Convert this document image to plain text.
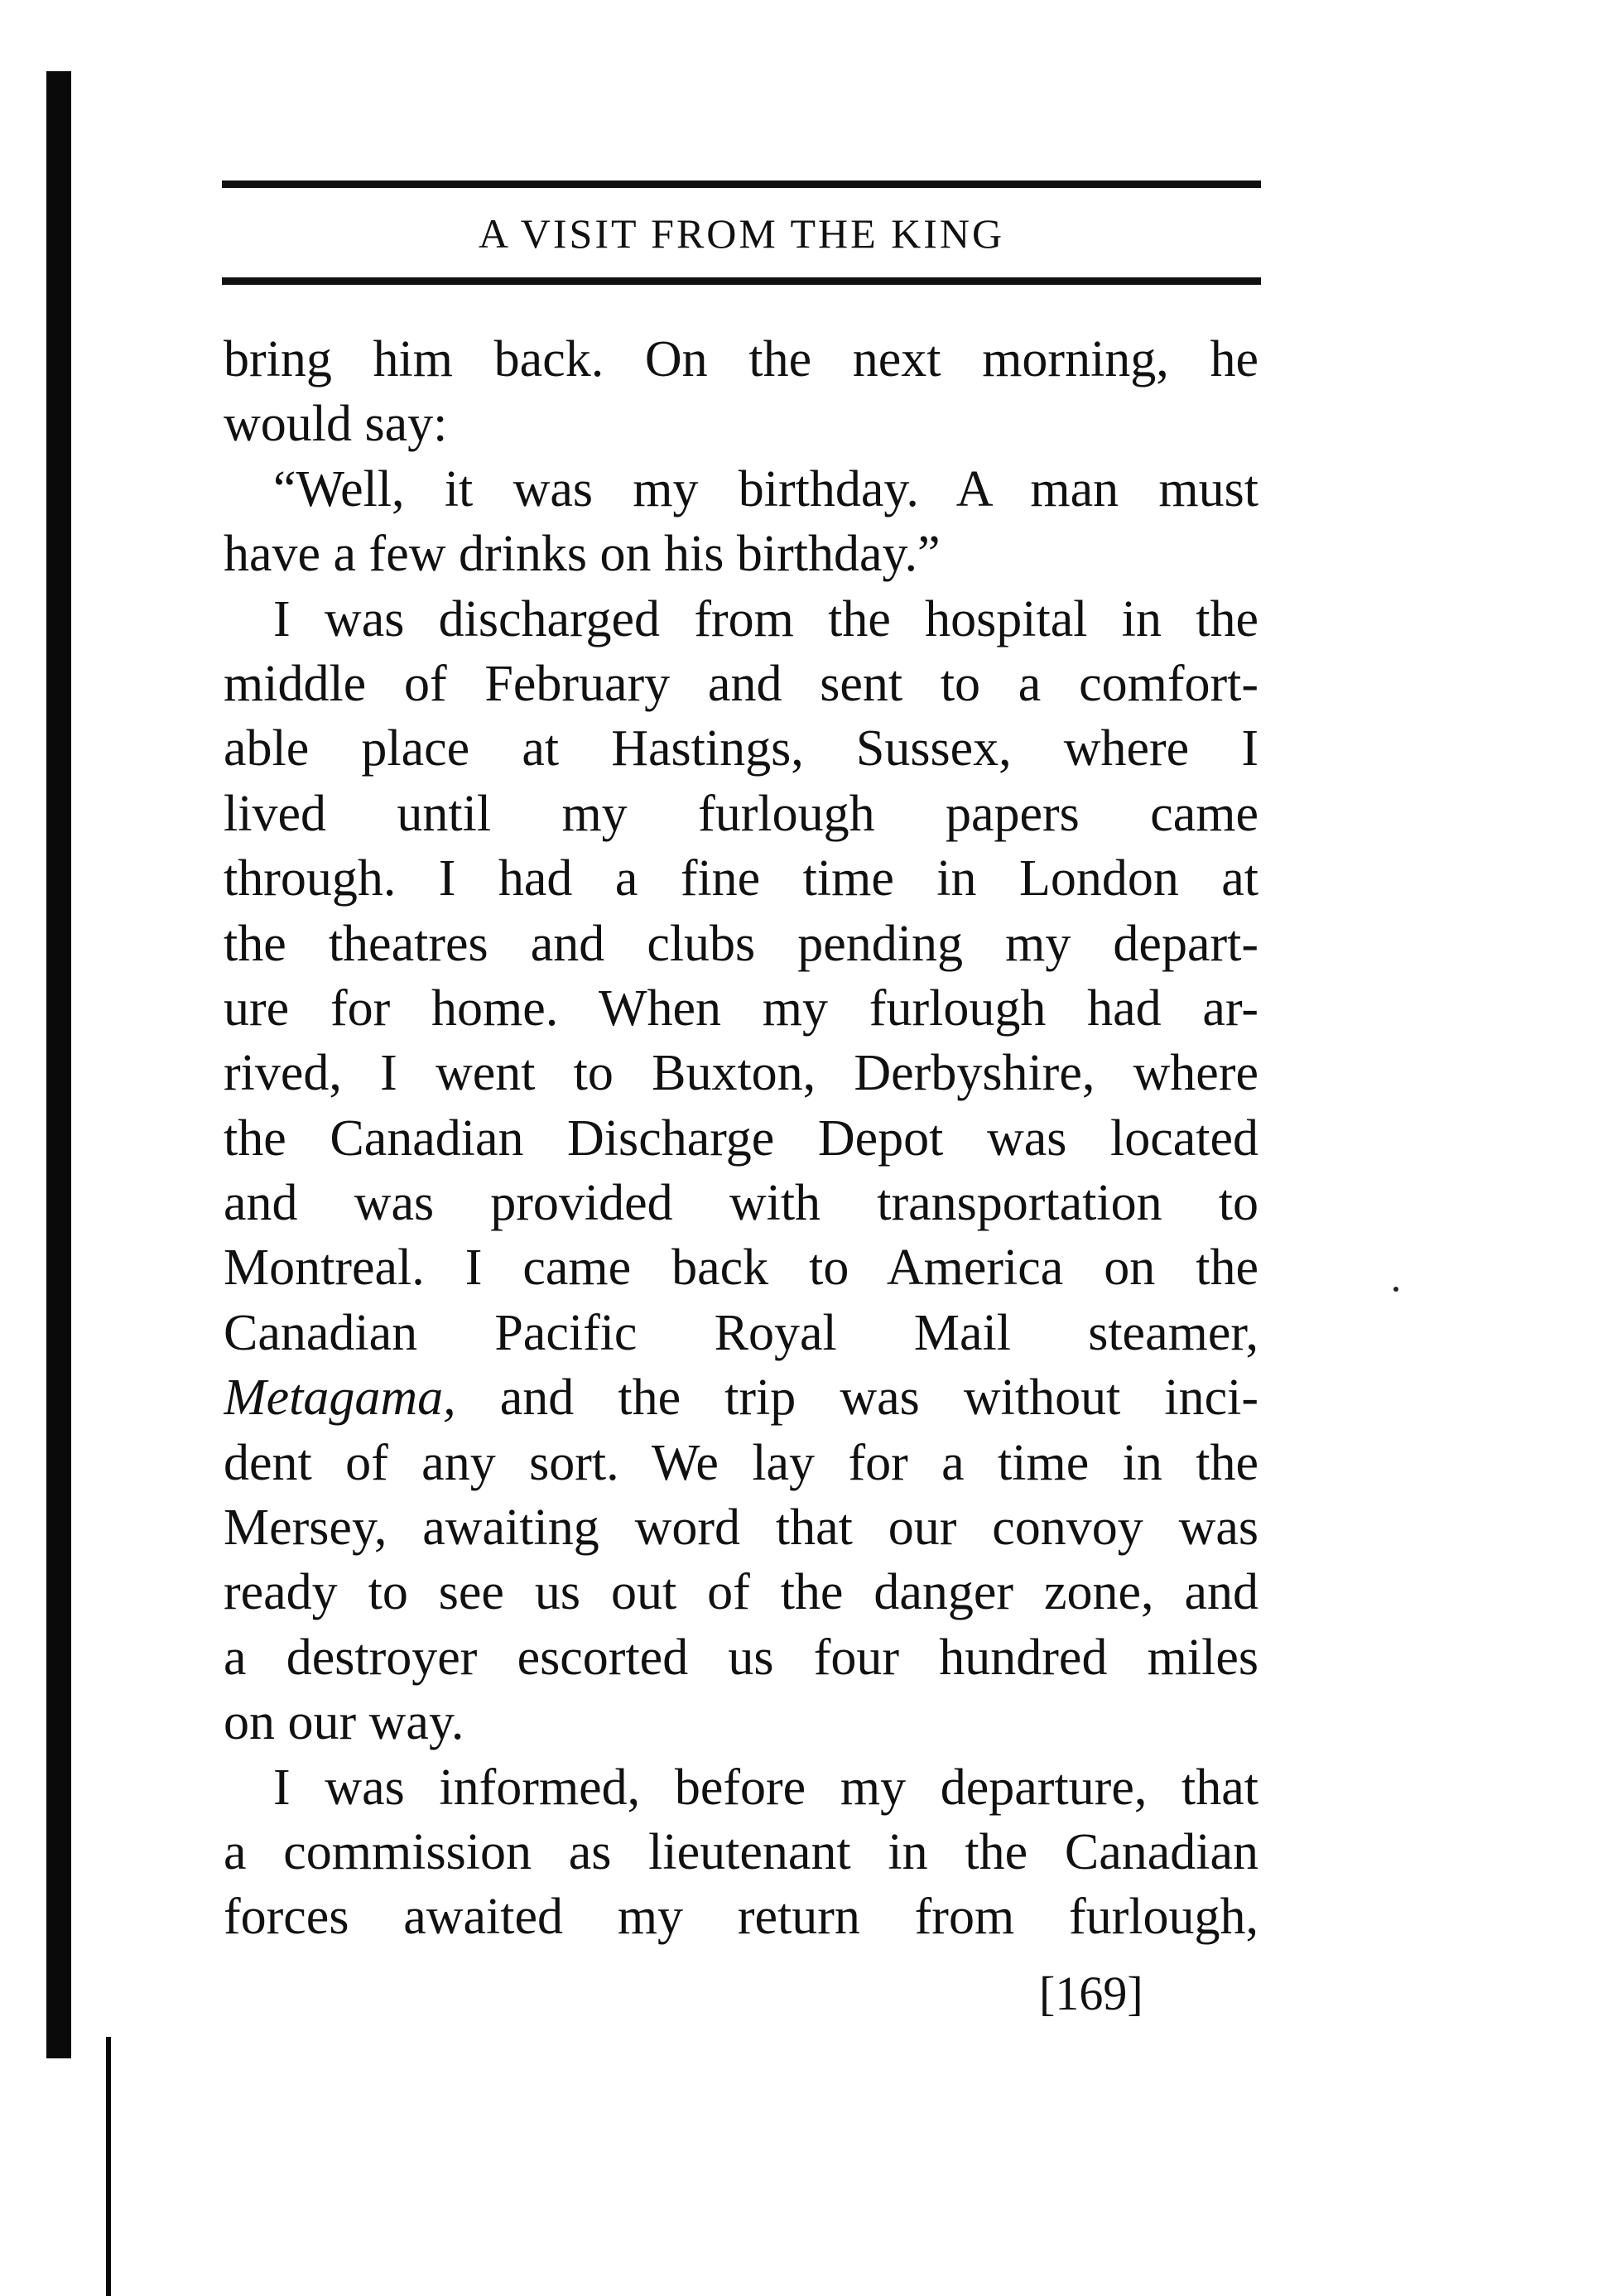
A VISIT FROM THE KING
bring him back. On the next morning, he
would say:
“Well, it was my birthday. A man must
have a few drinks on his birthday.”
I was discharged from the hospital in the
middle of February and sent to a comfort-
able place at Hastings, Sussex, where I
lived until my furlough papers came
through. I had a fine time in London at
the theatres and clubs pending my depart-
ure for home. When my furlough had ar-
rived, I went to Buxton, Derbyshire, where
the Canadian Discharge Depot was located
and was provided with transportation to
Montreal. I came back to America on the
Canadian Pacific Royal Mail steamer,
Metagama, and the trip was without inci-
dent of any sort. We lay for a time in the
Mersey, awaiting word that our convoy was
ready to see us out of the danger zone, and
a destroyer escorted us four hundred miles
on our way.
I was informed, before my departure, that
a commission as lieutenant in the Canadian
forces awaited my return from furlough,
[169]
